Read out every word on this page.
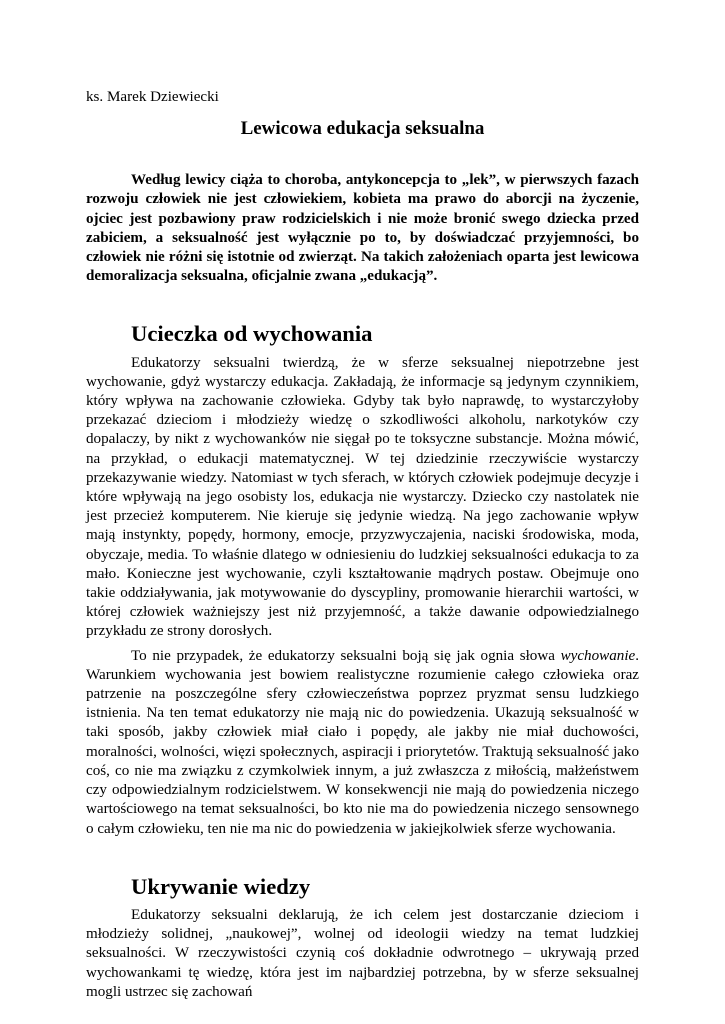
ks. Marek Dziewiecki

Lewicowa edukacja seksualna

Według lewicy ciąża to choroba, antykoncepcja to „lek”, w pierwszych fazach rozwoju człowiek nie jest człowiekiem, kobieta ma prawo do aborcji na życzenie, ojciec jest pozbawiony praw rodzicielskich i nie może bronić swego dziecka przed zabiciem, a seksualność jest wyłącznie po to, by doświadczać przyjemności, bo człowiek nie różni się istotnie od zwierząt. Na takich założeniach oparta jest lewicowa demoralizacja seksualna, oficjalnie zwana „edukacją”.

Ucieczka od wychowania

Edukatorzy seksualni twierdzą, że w sferze seksualnej niepotrzebne jest wychowanie, gdyż wystarczy edukacja. Zakładają, że informacje są jedynym czynnikiem, który wpływa na zachowanie człowieka. Gdyby tak było naprawdę, to wystarczyłoby przekazać dzieciom i młodzieży wiedzę o szkodliwości alkoholu, narkotyków czy dopalaczy, by nikt z wychowanków nie sięgał po te toksyczne substancje. Można mówić, na przykład, o edukacji matematycznej. W tej dziedzinie rzeczywiście wystarczy przekazywanie wiedzy. Natomiast w tych sferach, w których człowiek podejmuje decyzje i które wpływają na jego osobisty los, edukacja nie wystarczy. Dziecko czy nastolatek nie jest przecież komputerem. Nie kieruje się jedynie wiedzą. Na jego zachowanie wpływ mają instynkty, popędy, hormony, emocje, przyzwyczajenia, naciski środowiska, moda, obyczaje, media. To właśnie dlatego w odniesieniu do ludzkiej seksualności edukacja to za mało. Konieczne jest wychowanie, czyli kształtowanie mądrych postaw. Obejmuje ono takie oddziaływania, jak motywowanie do dyscypliny, promowanie hierarchii wartości, w której człowiek ważniejszy jest niż przyjemność, a także dawanie odpowiedzialnego przykładu ze strony dorosłych.

To nie przypadek, że edukatorzy seksualni boją się jak ognia słowa wychowanie. Warunkiem wychowania jest bowiem realistyczne rozumienie całego człowieka oraz patrzenie na poszczególne sfery człowieczeństwa poprzez pryzmat sensu ludzkiego istnienia. Na ten temat edukatorzy nie mają nic do powiedzenia. Ukazują seksualność w taki sposób, jakby człowiek miał ciało i popędy, ale jakby nie miał duchowości, moralności, wolności, więzi społecznych, aspiracji i priorytetów. Traktują seksualność jako coś, co nie ma związku z czymkolwiek innym, a już zwłaszcza z miłością, małżeństwem czy odpowiedzialnym rodzicielstwem. W konsekwencji nie mają do powiedzenia niczego wartościowego na temat seksualności, bo kto nie ma do powiedzenia niczego sensownego o całym człowieku, ten nie ma nic do powiedzenia w jakiejkolwiek sferze wychowania.

Ukrywanie wiedzy

Edukatorzy seksualni deklarują, że ich celem jest dostarczanie dzieciom i młodzieży solidnej, „naukowej”, wolnej od ideologii wiedzy na temat ludzkiej seksualności. W rzeczywistości czynią coś dokładnie odwrotnego – ukrywają przed wychowankami tę wiedzę, która jest im najbardziej potrzebna, by w sferze seksualnej mogli ustrzec się zachowań
